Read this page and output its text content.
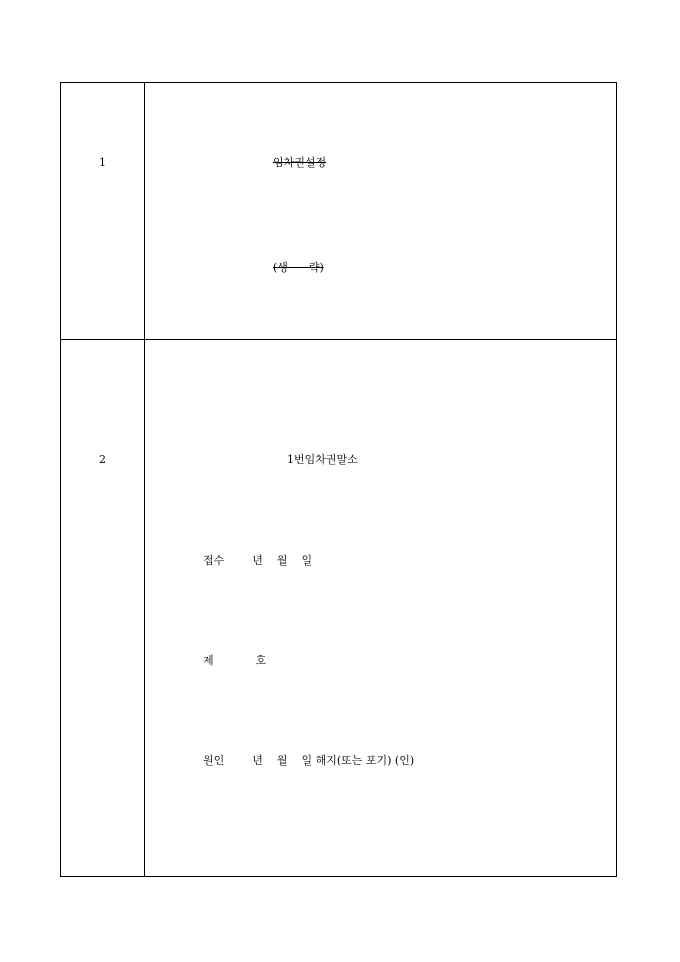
1	임차권설정
(생      략)
2	1번임차권말소
접수        년    월    일
제            호
원인        년    월    일 해지(또는 포기) (인)
